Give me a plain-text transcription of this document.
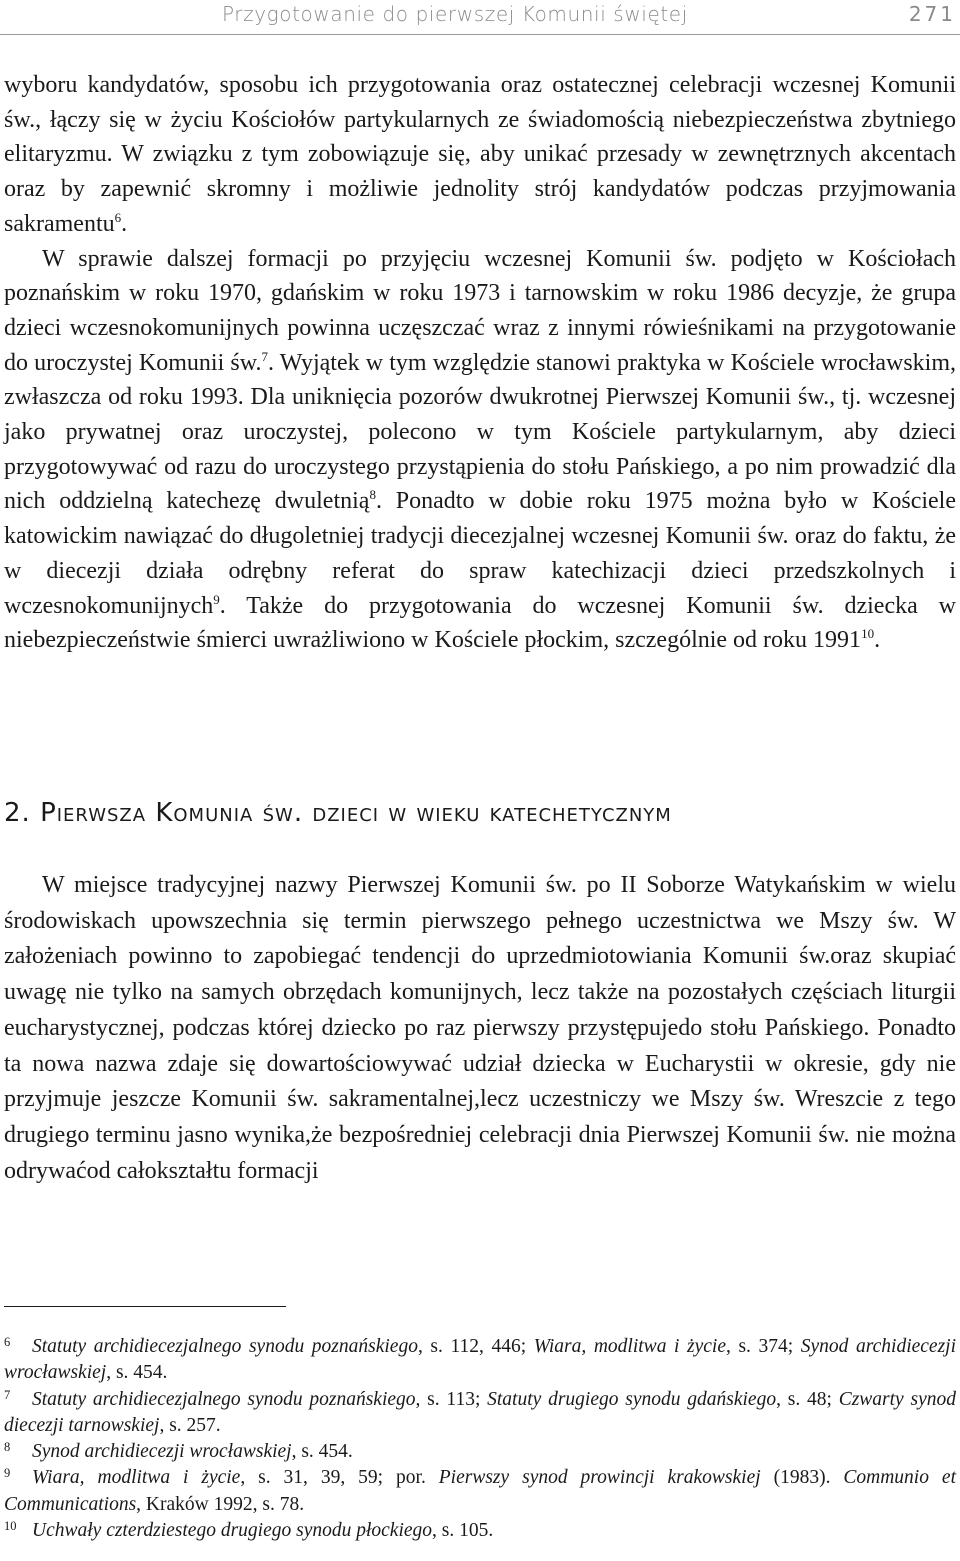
Przygotowanie do pierwszej Komunii świętej	271

wyboru kandydatów, sposobu ich przygotowania oraz ostatecznej celebracji wczesnej Komunii św., łączy się w życiu Kościołów partykularnych ze świadomością niebezpieczeństwa zbytniego elitaryzmu. W związku z tym zobowiązuje się, aby unikać przesady w zewnętrznych akcentach oraz by zapewnić skromny i możliwie jednolity strój kandydatów podczas przyjmowania sakramentu$^6$.

W sprawie dalszej formacji po przyjęciu wczesnej Komunii św. podjęto w Kościołach poznańskim w roku 1970, gdańskim w roku 1973 i tarnowskim w roku 1986 decyzje, że grupa dzieci wczesnokomunijnych powinna uczęszczać wraz z innymi rówieśnikami na przygotowanie do uroczystej Komunii św.$^7$. Wyjątek w tym względzie stanowi praktyka w Kościele wrocławskim, zwłaszcza od roku 1993. Dla uniknięcia pozorów dwukrotnej Pierwszej Komunii św., tj. wczesnej jako prywatnej oraz uroczystej, polecono w tym Kościele partykularnym, aby dzieci przygotowywać od razu do uroczystego przystąpienia do stołu Pańskiego, a po nim prowadzić dla nich oddzielną katechezę dwuletnią$^8$. Ponadto w dobie roku 1975 można było w Kościele katowickim nawiązać do długoletniej tradycji diecezjalnej wczesnej Komunii św. oraz do faktu, że w diecezji działa odrębny referat do spraw katechizacji dzieci przedszkolnych i wczesnokomunijnych$^9$. Także do przygotowania do wczesnej Komunii św. dziecka w niebezpieczeństwie śmierci uwrażliwiono w Kościele płockim, szczególnie od roku 1991$^{10}$.

2. Pierwsza Komunia św. dzieci w wieku katechetycznym

W miejsce tradycyjnej nazwy Pierwszej Komunii św. po II Soborze Watykańskim w wielu środowiskach upowszechnia się termin pierwszego pełnego uczestnictwa we Mszy św. W założeniach powinno to zapobiegać tendencji do uprzedmiotowiania Komunii św.oraz skupiać uwagę nie tylko na samych obrzędach komunijnych, lecz także na pozostałych częściach liturgii eucharystycznej, podczas której dziecko po raz pierwszy przystępujedo stołu Pańskiego. Ponadto ta nowa nazwa zdaje się dowartościowywać udział dziecka w Eucharystii w okresie, gdy nie przyjmuje jeszcze Komunii św. sakramentalnej,lecz uczestniczy we Mszy św. Wreszcie z tego drugiego terminu jasno wynika,że bezpośredniej celebracji dnia Pierwszej Komunii św. nie można odrywaćod całokształtu formacji

6	Statuty archidiecezjalnego synodu poznańskiego, s. 112, 446; Wiara, modlitwa i życie, s. 374; Synod archidiecezji wrocławskiej, s. 454.
7	Statuty archidiecezjalnego synodu poznańskiego, s. 113; Statuty drugiego synodu gdańskiego, s. 48; Czwarty synod diecezji tarnowskiej, s. 257.
8	Synod archidiecezji wrocławskiej, s. 454.
9	Wiara, modlitwa i życie, s. 31, 39, 59; por. Pierwszy synod prowincji krakowskiej (1983). Communio et Communications, Kraków 1992, s. 78.
10 Uchwały czterdziestego drugiego synodu płockiego, s. 105.
